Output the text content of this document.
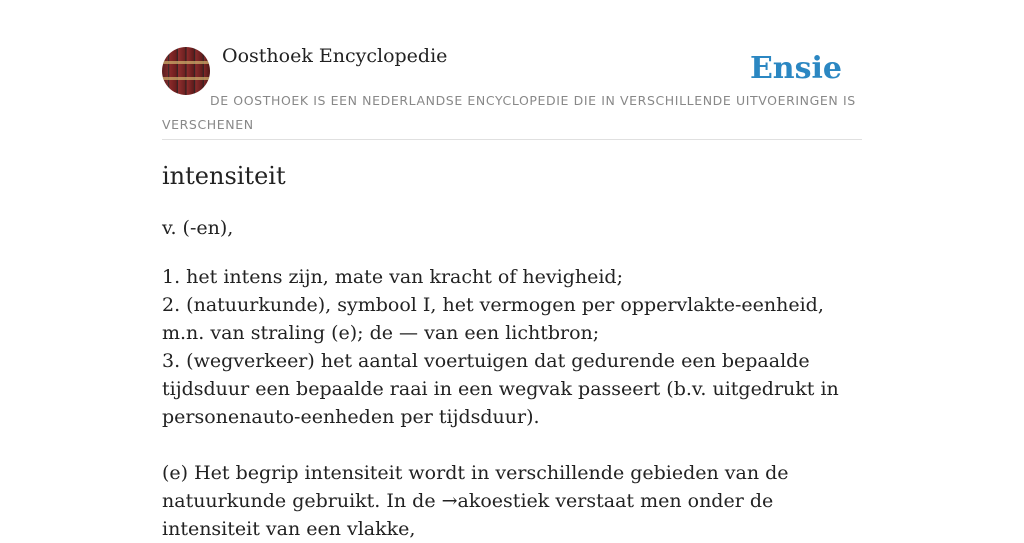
Oosthoek Encyclopedie	Ensie
DE OOSTHOEK IS EEN NEDERLANDSE ENCYCLOPEDIE DIE IN VERSCHILLENDE UITVOERINGEN IS VERSCHENEN
intensiteit
v. (-en),
1. het intens zijn, mate van kracht of hevigheid;
2. (natuurkunde), symbool I, het vermogen per oppervlakte-eenheid, m.n. van straling (e); de — van een lichtbron;
3. (wegverkeer) het aantal voertuigen dat gedurende een bepaalde tijdsduur een bepaalde raai in een wegvak passeert (b.v. uitgedrukt in personenauto-eenheden per tijdsduur).
(e) Het begrip intensiteit wordt in verschillende gebieden van de natuurkunde gebruikt. In de →akoestiek verstaat men onder de intensiteit van een vlakke,
